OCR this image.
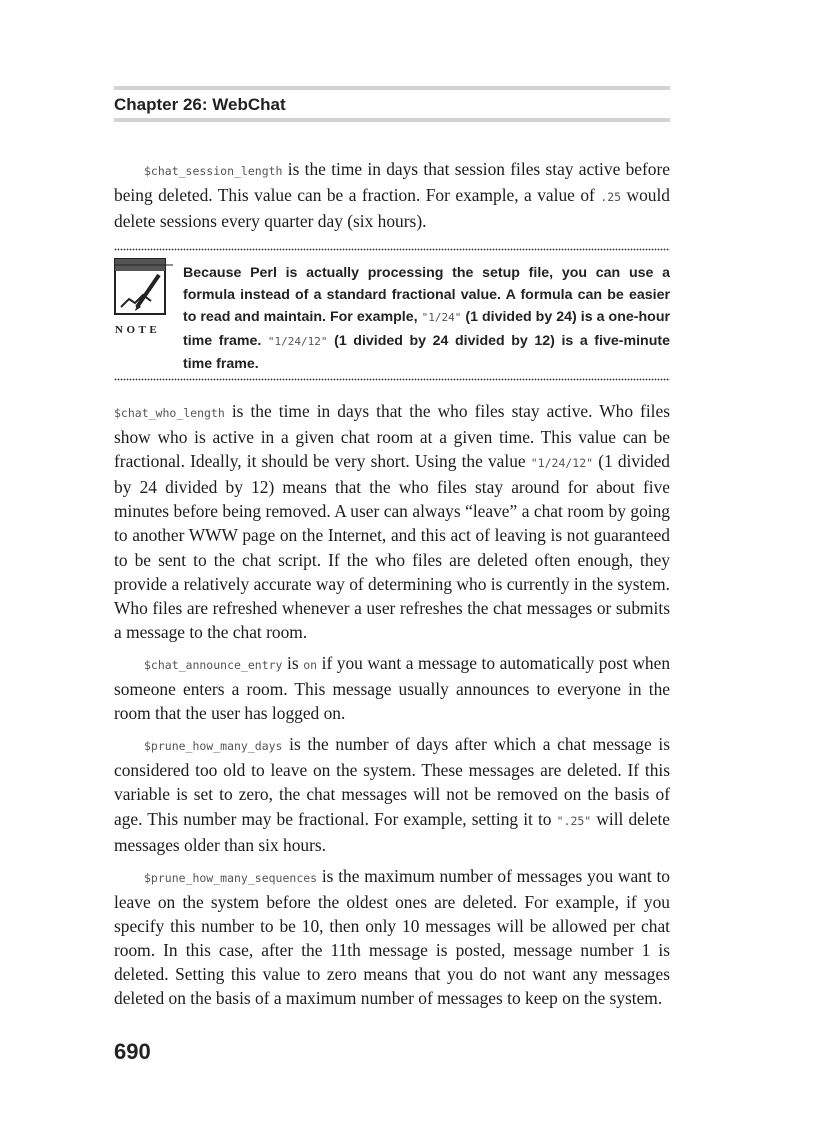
Chapter 26: WebChat

$chat_session_length is the time in days that session files stay active before being deleted. This value can be a fraction. For example, a value of .25 would delete sessions every quarter day (six hours).

NOTE
Because Perl is actually processing the setup file, you can use a formula instead of a standard fractional value. A formula can be easier to read and maintain. For example, "1/24" (1 divided by 24) is a one-hour time frame. "1/24/12" (1 divided by 24 divided by 12) is a five-minute time frame.

$chat_who_length is the time in days that the who files stay active. Who files show who is active in a given chat room at a given time. This value can be fractional. Ideally, it should be very short. Using the value "1/24/12" (1 divided by 24 divided by 12) means that the who files stay around for about five minutes before being removed. A user can always “leave” a chat room by going to another WWW page on the Internet, and this act of leaving is not guaranteed to be sent to the chat script. If the who files are deleted often enough, they provide a relatively accurate way of determining who is currently in the system. Who files are refreshed whenever a user refreshes the chat messages or submits a message to the chat room.

$chat_announce_entry is on if you want a message to automatically post when someone enters a room. This message usually announces to everyone in the room that the user has logged on.

$prune_how_many_days is the number of days after which a chat message is considered too old to leave on the system. These messages are deleted. If this variable is set to zero, the chat messages will not be removed on the basis of age. This number may be fractional. For example, setting it to ".25" will delete messages older than six hours.

$prune_how_many_sequences is the maximum number of messages you want to leave on the system before the oldest ones are deleted. For example, if you specify this number to be 10, then only 10 messages will be allowed per chat room. In this case, after the 11th message is posted, message number 1 is deleted. Setting this value to zero means that you do not want any messages deleted on the basis of a maximum number of messages to keep on the system.

690
